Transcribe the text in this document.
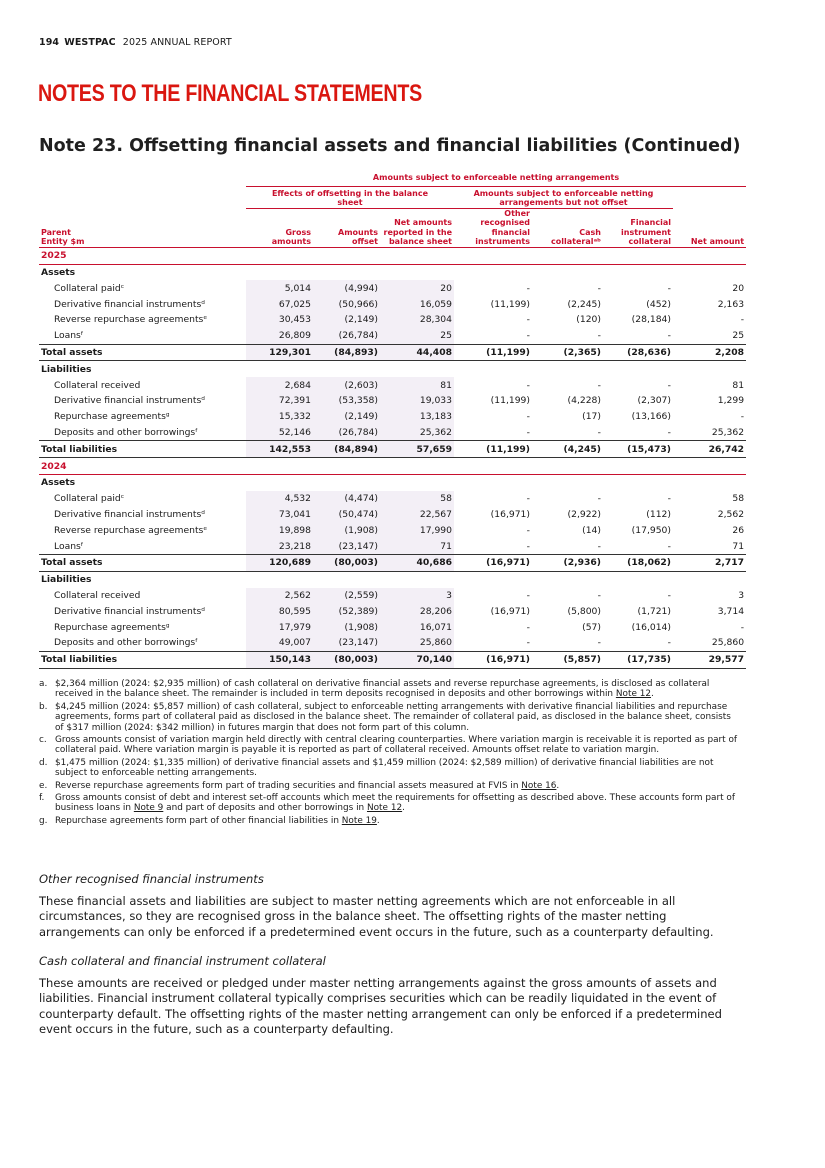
194 WESTPAC 2025 ANNUAL REPORT
NOTES TO THE FINANCIAL STATEMENTS
Note 23. Offsetting financial assets and financial liabilities (Continued)
	Amounts subject to enforceable netting arrangements						
	Effects of offsetting in the balance sheet			Amounts subject to enforceable netting arrangements but not offset			
Parent Entity $m	Gross amounts	Amounts offset	Net amounts reported in the balance sheet	Other recognised financial instruments	Cash collateralᵃᵇ	Financial instrument collateral	Net amount
2025							
Assets							
Collateral paidᶜ	5,014	(4,994)	20	-	-	-	20
Derivative financial instrumentsᵈ	67,025	(50,966)	16,059	(11,199)	(2,245)	(452)	2,163
Reverse repurchase agreementsᵉ	30,453	(2,149)	28,304	-	(120)	(28,184)	-
Loansᶠ	26,809	(26,784)	25	-	-	-	25
Total assets	129,301	(84,893)	44,408	(11,199)	(2,365)	(28,636)	2,208
Liabilities							
Collateral received	2,684	(2,603)	81	-	-	-	81
Derivative financial instrumentsᵈ	72,391	(53,358)	19,033	(11,199)	(4,228)	(2,307)	1,299
Repurchase agreementsᵍ	15,332	(2,149)	13,183	-	(17)	(13,166)	-
Deposits and other borrowingsᶠ	52,146	(26,784)	25,362	-	-	-	25,362
Total liabilities	142,553	(84,894)	57,659	(11,199)	(4,245)	(15,473)	26,742
2024							
Assets							
Collateral paidᶜ	4,532	(4,474)	58	-	-	-	58
Derivative financial instrumentsᵈ	73,041	(50,474)	22,567	(16,971)	(2,922)	(112)	2,562
Reverse repurchase agreementsᵉ	19,898	(1,908)	17,990	-	(14)	(17,950)	26
Loansᶠ	23,218	(23,147)	71	-	-	-	71
Total assets	120,689	(80,003)	40,686	(16,971)	(2,936)	(18,062)	2,717
Liabilities							
Collateral received	2,562	(2,559)	3	-	-	-	3
Derivative financial instrumentsᵈ	80,595	(52,389)	28,206	(16,971)	(5,800)	(1,721)	3,714
Repurchase agreementsᵍ	17,979	(1,908)	16,071	-	(57)	(16,014)	-
Deposits and other borrowingsᶠ	49,007	(23,147)	25,860	-	-	-	25,860
Total liabilities	150,143	(80,003)	70,140	(16,971)	(5,857)	(17,735)	29,577
a. $2,364 million (2024: $2,935 million) of cash collateral on derivative financial assets and reverse repurchase agreements, is disclosed as collateral received in the balance sheet. The remainder is included in term deposits recognised in deposits and other borrowings within Note 12.
b. $4,245 million (2024: $5,857 million) of cash collateral, subject to enforceable netting arrangements with derivative financial liabilities and repurchase agreements, forms part of collateral paid as disclosed in the balance sheet. The remainder of collateral paid, as disclosed in the balance sheet, consists of $317 million (2024: $342 million) in futures margin that does not form part of this column.
c. Gross amounts consist of variation margin held directly with central clearing counterparties. Where variation margin is receivable it is reported as part of collateral paid. Where variation margin is payable it is reported as part of collateral received. Amounts offset relate to variation margin.
d. $1,475 million (2024: $1,335 million) of derivative financial assets and $1,459 million (2024: $2,589 million) of derivative financial liabilities are not subject to enforceable netting arrangements.
e. Reverse repurchase agreements form part of trading securities and financial assets measured at FVIS in Note 16.
f.	Gross amounts consist of debt and interest set-off accounts which meet the requirements for offsetting as described above. These accounts form part of business loans in Note 9 and part of deposits and other borrowings in Note 12.
g. Repurchase agreements form part of other financial liabilities in Note 19.
Other recognised financial instruments
These financial assets and liabilities are subject to master netting agreements which are not enforceable in all circumstances, so they are recognised gross in the balance sheet. The offsetting rights of the master netting arrangements can only be enforced if a predetermined event occurs in the future, such as a counterparty defaulting.
Cash collateral and financial instrument collateral
These amounts are received or pledged under master netting arrangements against the gross amounts of assets and liabilities. Financial instrument collateral typically comprises securities which can be readily liquidated in the event of counterparty default. The offsetting rights of the master netting arrangement can only be enforced if a predetermined event occurs in the future, such as a counterparty defaulting.
